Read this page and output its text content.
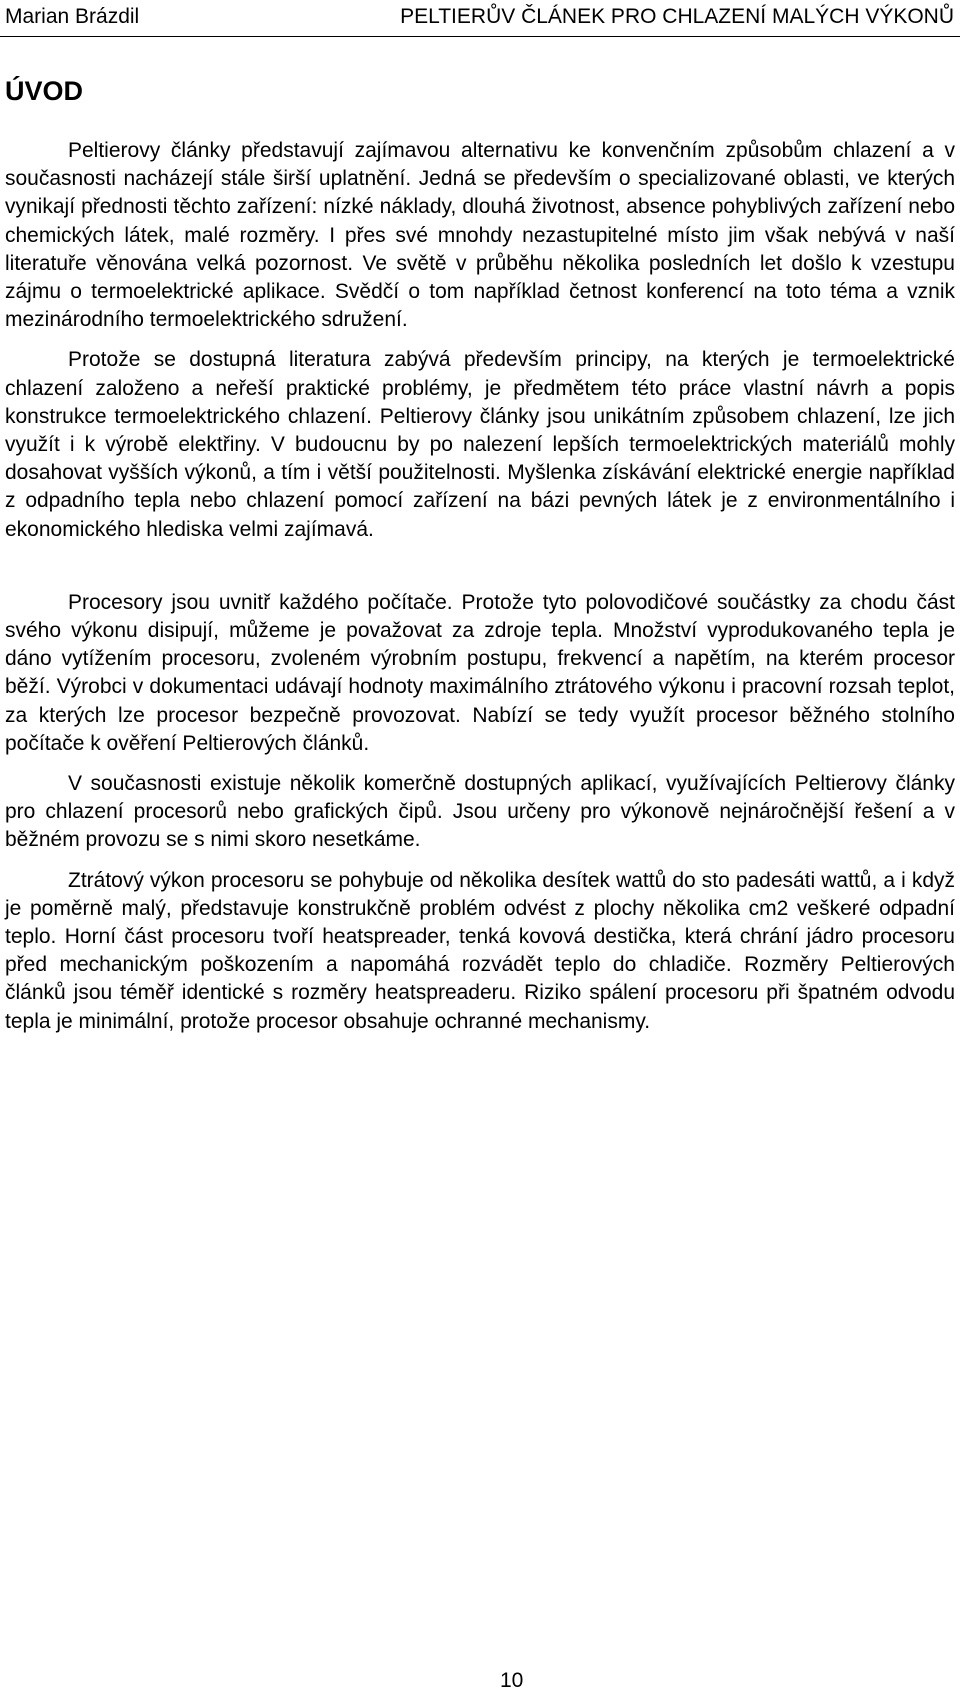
Marian Brázdil	PELTIERŮV ČLÁNEK PRO CHLAZENÍ MALÝCH VÝKONŮ
ÚVOD

Peltierovy články představují zajímavou alternativu ke konvenčním způsobům chlazení a v současnosti nacházejí stále širší uplatnění. Jedná se především o specializované oblasti, ve kterých vynikají přednosti těchto zařízení: nízké náklady, dlouhá životnost, absence pohyblivých zařízení nebo chemických látek, malé rozměry. I přes své mnohdy nezastupitelné místo jim však nebývá v naší literatuře věnována velká pozornost. Ve světě v průběhu několika posledních let došlo k vzestupu zájmu o termoelektrické aplikace. Svědčí o tom například četnost konferencí na toto téma a vznik mezinárodního termoelektrického sdružení.

Protože se dostupná literatura zabývá především principy, na kterých je termoelektrické chlazení založeno a neřeší praktické problémy, je předmětem této práce vlastní návrh a popis konstrukce termoelektrického chlazení. Peltierovy články jsou unikátním způsobem chlazení, lze jich využít i k výrobě elektřiny. V budoucnu by po nalezení lepších termoelektrických materiálů mohly dosahovat vyšších výkonů, a tím i větší použitelnosti. Myšlenka získávání elektrické energie například z odpadního tepla nebo chlazení pomocí zařízení na bázi pevných látek je z environmentálního i ekonomického hlediska velmi zajímavá.

Procesory jsou uvnitř každého počítače. Protože tyto polovodičové součástky za chodu část svého výkonu disipují, můžeme je považovat za zdroje tepla. Množství vyprodukovaného tepla je dáno vytížením procesoru, zvoleném výrobním postupu, frekvencí a napětím, na kterém procesor běží. Výrobci v dokumentaci udávají hodnoty maximálního ztrátového výkonu i pracovní rozsah teplot, za kterých lze procesor bezpečně provozovat. Nabízí se tedy využít procesor běžného stolního počítače k ověření Peltierových článků.

V současnosti existuje několik komerčně dostupných aplikací, využívajících Peltierovy články pro chlazení procesorů nebo grafických čipů. Jsou určeny pro výkonově nejnáročnější řešení a v běžném provozu se s nimi skoro nesetkáme.

Ztrátový výkon procesoru se pohybuje od několika desítek wattů do sto padesáti wattů, a i když je poměrně malý, představuje konstrukčně problém odvést z plochy několika cm2 veškeré odpadní teplo. Horní část procesoru tvoří heatspreader, tenká kovová destička, která chrání jádro procesoru před mechanickým poškozením a napomáhá rozvádět teplo do chladiče. Rozměry Peltierových článků jsou téměř identické s rozměry heatspreaderu. Riziko spálení procesoru při špatném odvodu tepla je minimální, protože procesor obsahuje ochranné mechanismy.

10
